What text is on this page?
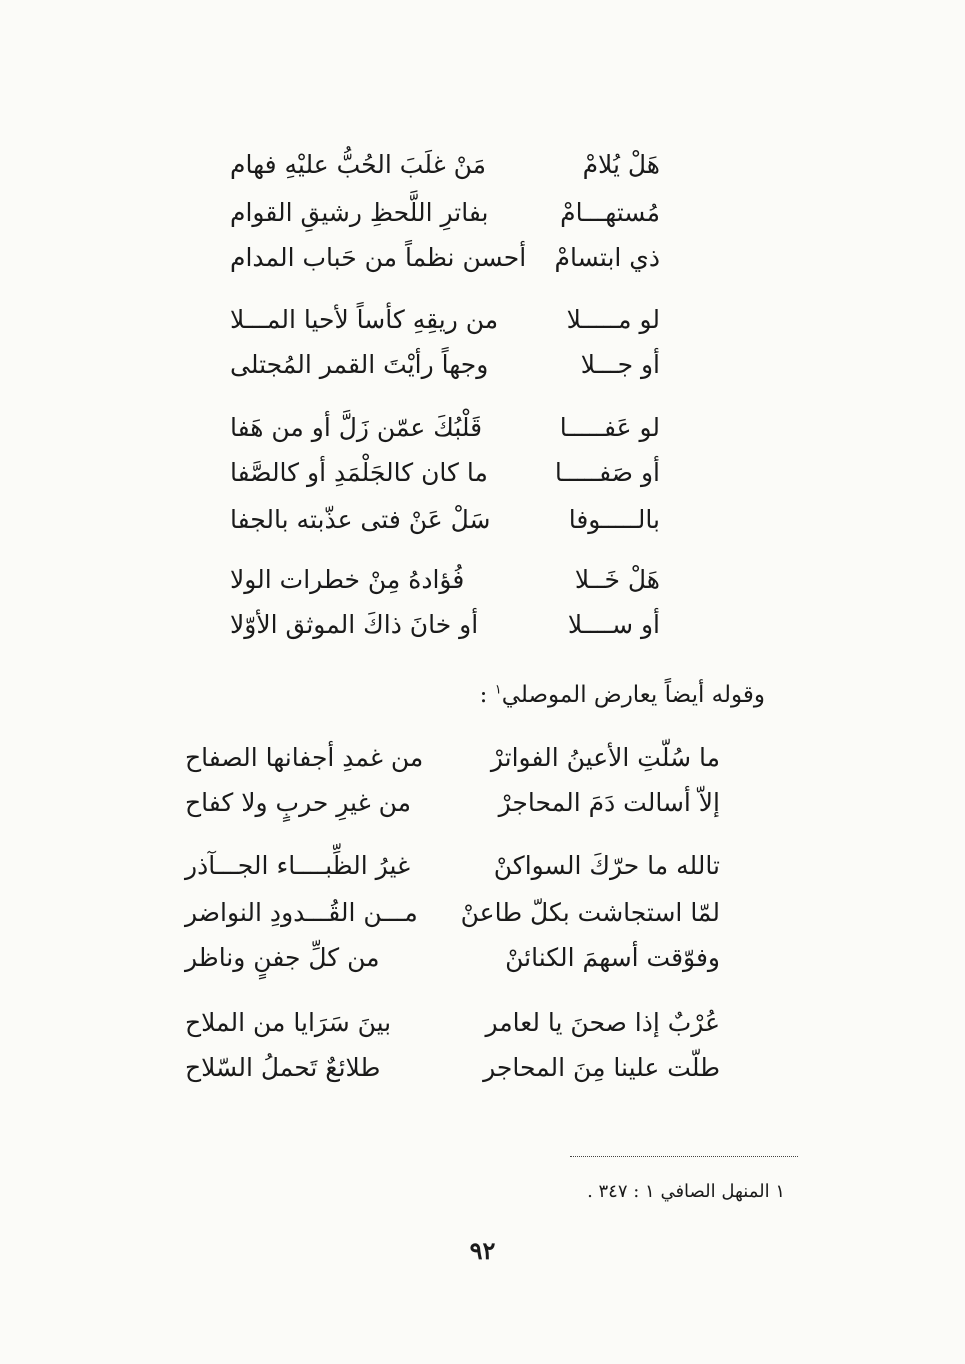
هَلْ يُلامْ
مَنْ غلَبَ الحُبُّ عليْهِ فهام
مُستهـــامْ
بفاترِ اللَّحظِ رشيقِ القوام
ذي ابتسامْ
أحسن نظماً من حَباب المدام
لو مـــــلا
من ريقِهِ كأساً لأحيا المـــلا
أو جـــلا
وجهاً رأيْتَ القمر المُجتلى
لو عَفـــــا
قَلْبُكَ عمّن زَلَّ أو من هَفا
أو صَفـــــا
ما كان كالجَلْمَدِ أو كالصَّفا
بالـــــوفا
سَلْ عَنْ فتى عذّبته بالجفا
هَلْ خَــلا
فُؤادهُ مِنْ خطرات الولا
أو ســــلا
أو خانَ ذاكَ الموثق الأوّلا
وقوله أيضاً يعارض الموصلي$^١$ :
ما سُلّتِ الأعينُ الفواترْ
من غمدِ أجفانها الصفاح
إلاّ أسالت دَمَ المحاجرْ
من غيرِ حربٍ ولا كفاح
تالله ما حرّكَ السواكنْ
غيرُ الظِّبــــاء الجـــآذر
لمّا استجاشت بكلّ طاعنْ
مـــن القُـــدودِ النواضر
وفوّقت أسهمَ الكنائنْ
من كلِّ جفنٍ وناظر
عُرْبٌ إذا صحنَ يا لعامر
بينَ سَرَايا من الملاح
طلّت علينا مِنَ المحاجر
طلائعٌ تَحملُ السّلاح
١ المنهل الصافي ١ : ٣٤٧ .
٩٢
